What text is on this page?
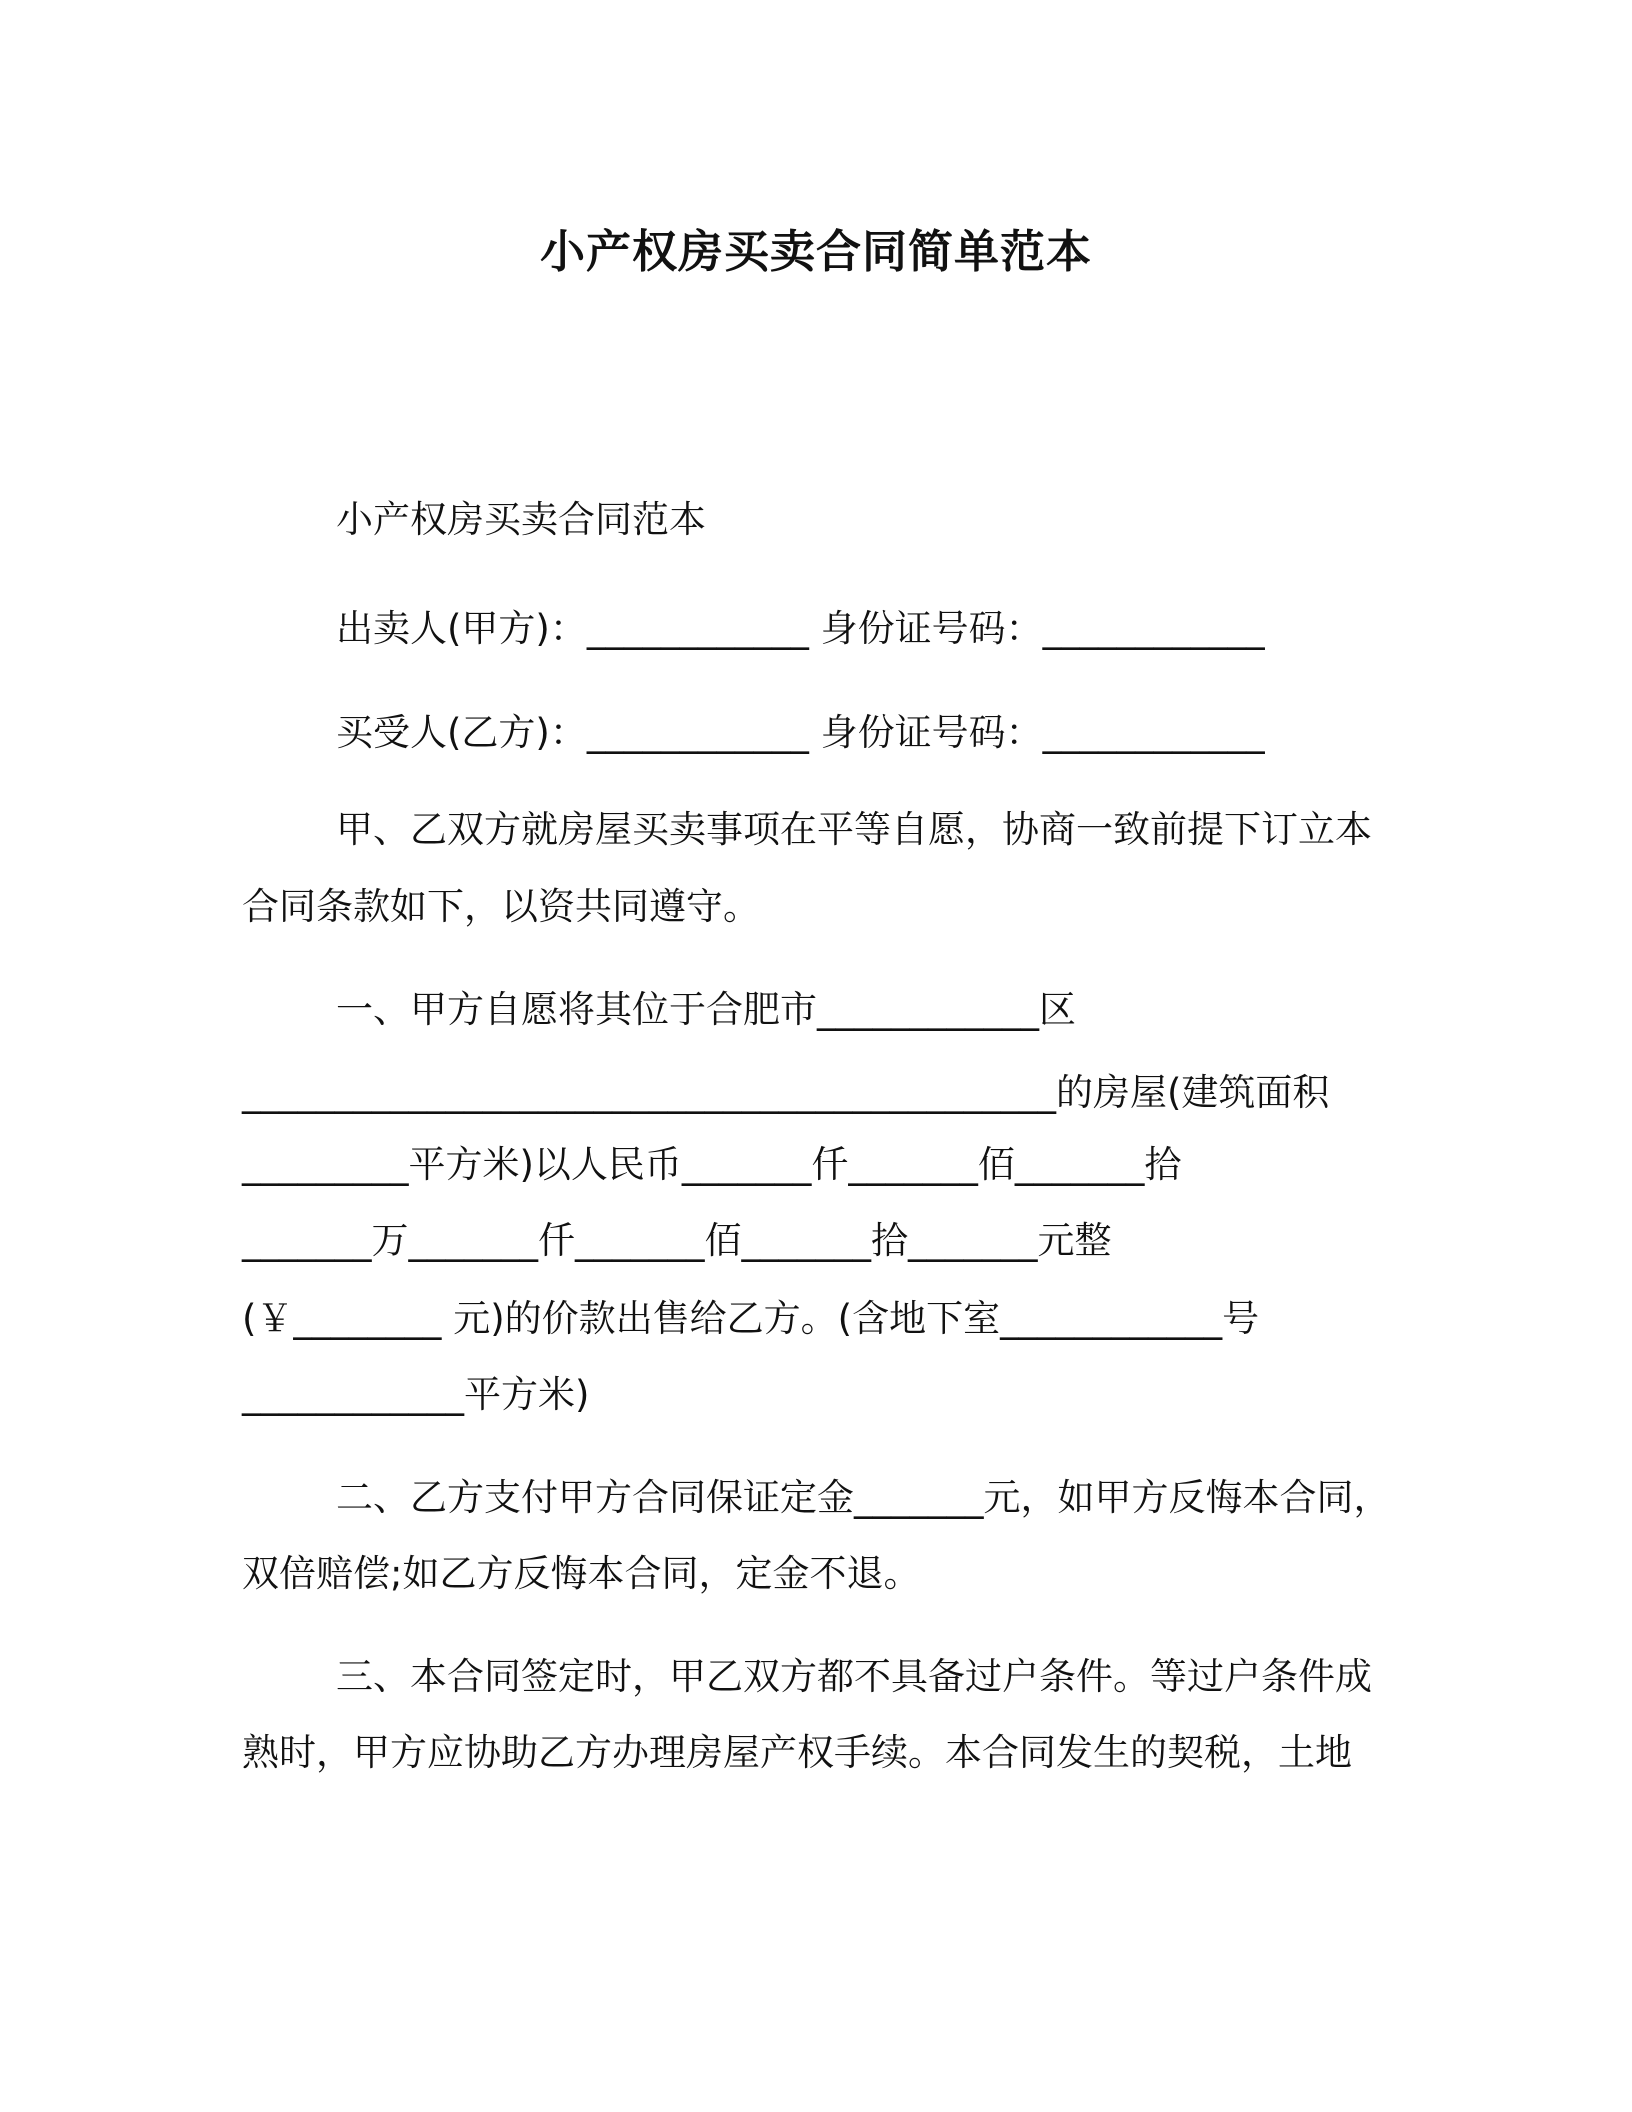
小产权房买卖合同简单范本
小产权房买卖合同范本
出卖人(甲方)：____________ 身份证号码：____________
买受人(乙方)：____________ 身份证号码：____________
甲、乙双方就房屋买卖事项在平等自愿，协商一致前提下订立本
合同条款如下，以资共同遵守。
一、甲方自愿将其位于合肥市____________区
____________________________________________的房屋(建筑面积
_________平方米)以人民币_______仟_______佰_______拾
_______万_______仟_______佰_______拾_______元整
(￥________ 元)的价款出售给乙方。(含地下室____________号
____________平方米)
二、乙方支付甲方合同保证定金_______元，如甲方反悔本合同，
双倍赔偿;如乙方反悔本合同，定金不退。
三、本合同签定时，甲乙双方都不具备过户条件。等过户条件成
熟时，甲方应协助乙方办理房屋产权手续。本合同发生的契税，土地
